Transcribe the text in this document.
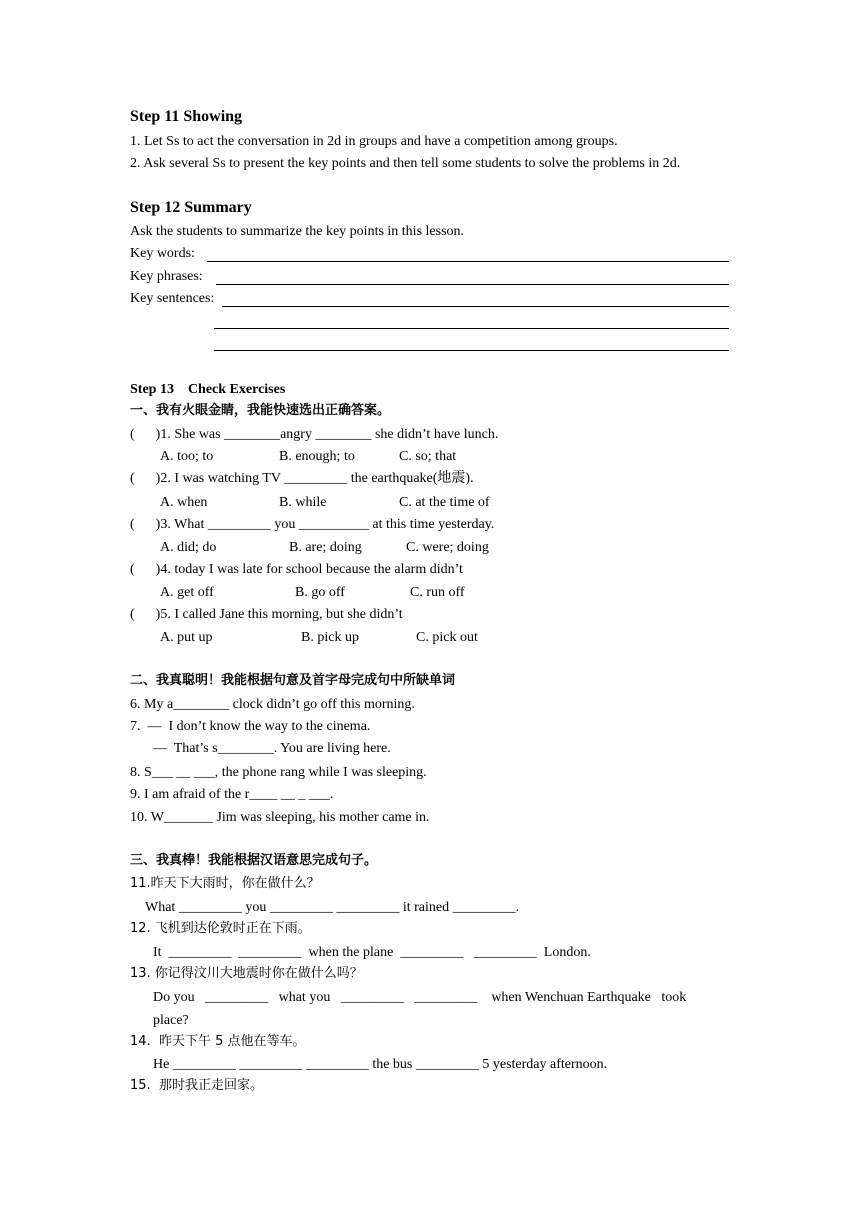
Step 11 Showing
1. Let Ss to act the conversation in 2d in groups and have a competition among groups.
2. Ask several Ss to present the key points and then tell some students to solve the problems in 2d.
Step 12 Summary
Ask the students to summarize the key points in this lesson.
Key words:
Key phrases:
Key sentences:
Step 13    Check Exercises
一、我有火眼金睛，我能快速选出正确答案。
(      )1. She was ________angry ________ she didn’t have lunch.
A. too; to	B. enough; to	C. so; that
(      )2. I was watching TV _________ the earthquake(地震).
A. when	B. while	C. at the time of
(      )3. What _________ you __________ at this time yesterday.
A. did; do	B. are; doing	C. were; doing
(      )4. today I was late for school because the alarm didn’t
A. get off	B. go off	C. run off
(      )5. I called Jane this morning, but she didn’t
A. put up	B. pick up	C. pick out
二、我真聪明！我能根据句意及首字母完成句中所缺单词
6. My a________ clock didn’t go off this morning.
7.  —  I don’t know the way to the cinema.
—  That’s s________. You are living here.
8. S___ __ ___, the phone rang while I was sleeping.
9. I am afraid of the r____ __ _ ___.
10. W_______ Jim was sleeping, his mother came in.
三、我真棒！我能根据汉语意思完成句子。
11.昨天下大雨时，你在做什么？
What _________ you _________ _________ it rained _________.
12. 飞机到达伦敦时正在下雨。
It  _________  _________  when the plane  _________   _________  London.
13. 你记得汶川大地震时你在做什么吗？
Do you   _________   what you   _________   _________    when Wenchuan Earthquake   took
place?
14.  昨天下午 5 点他在等车。
He _________ _________ _________ the bus _________ 5 yesterday afternoon.
15.  那时我正走回家。
